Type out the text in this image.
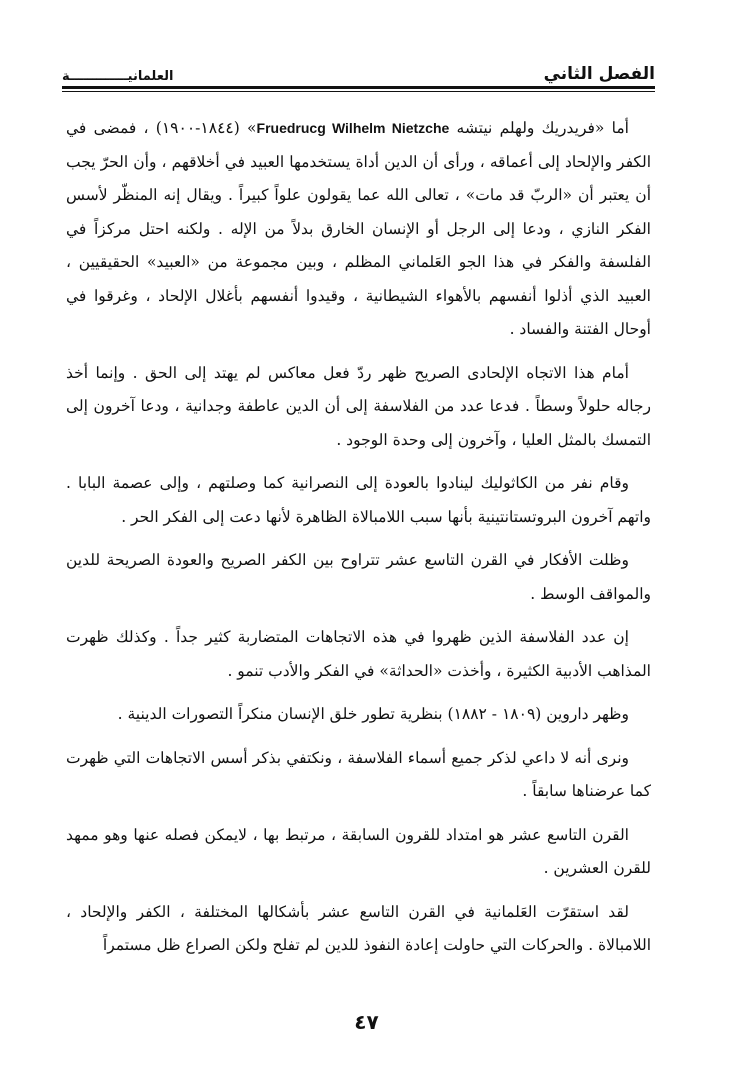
الفصل الثاني
العلمانيـــــــــــــة

أما «فريدريك ولهلم نيتشه Fruedrucg Wilhelm Nietzche» (١٨٤٤-١٩٠٠) ، فمضى في الكفر والإلحاد إلى أعماقه ، ورأى أن الدين أداة يستخدمها العبيد في أخلاقهم ، وأن الحرّ يجب أن يعتبر أن «الربّ قد مات» ، تعالى الله عما يقولون علواً كبيراً . ويقال إنه المنظّر لأسس الفكر النازي ، ودعا إلى الرجل أو الإنسان الخارق بدلاً من الإله . ولكنه احتل مركزاً في الفلسفة والفكر في هذا الجو العَلماني المظلم ، وبين مجموعة من «العبيد» الحقيقيين ، العبيد الذي أذلوا أنفسهم بالأهواء الشيطانية ، وقيدوا أنفسهم بأغلال الإلحاد ، وغرقوا في أوحال الفتنة والفساد .

أمام هذا الاتجاه الإلحادى الصريح ظهر ردّ فعل معاكس لم يهتد إلى الحق . وإنما أخذ رجاله حلولاً وسطاً . فدعا عدد من الفلاسفة إلى أن الدين عاطفة وجدانية ، ودعا آخرون إلى التمسك بالمثل العليا ، وآخرون إلى وحدة الوجود .

وقام نفر من الكاثوليك لينادوا بالعودة إلى النصرانية كما وصلتهم ، وإلى عصمة البابا . واتهم آخرون البروتستانتينية بأنها سبب اللامبالاة الظاهرة لأنها دعت إلى الفكر الحر .

وظلت الأفكار في القرن التاسع عشر تتراوح بين الكفر الصريح والعودة الصريحة للدين والمواقف الوسط .

إن عدد الفلاسفة الذين ظهروا في هذه الاتجاهات المتضاربة كثير جداً . وكذلك ظهرت المذاهب الأدبية الكثيرة ، وأخذت «الحداثة» في الفكر والأدب تنمو .

وظهر داروين (١٨٠٩ - ١٨٨٢) بنظرية تطور خلق الإنسان منكراً التصورات الدينية .

ونرى أنه لا داعي لذكر جميع أسماء الفلاسفة ، ونكتفي بذكر أسس الاتجاهات التي ظهرت كما عرضناها سابقاً .

القرن التاسع عشر هو امتداد للقرون السابقة ، مرتبط بها ، لايمكن فصله عنها وهو ممهد للقرن العشرين .

لقد استقرّت العَلمانية في القرن التاسع عشر بأشكالها المختلفة ، الكفر والإلحاد ، اللامبالاة . والحركات التي حاولت إعادة النفوذ للدين لم تفلح ولكن الصراع ظل مستمراً

٤٧
